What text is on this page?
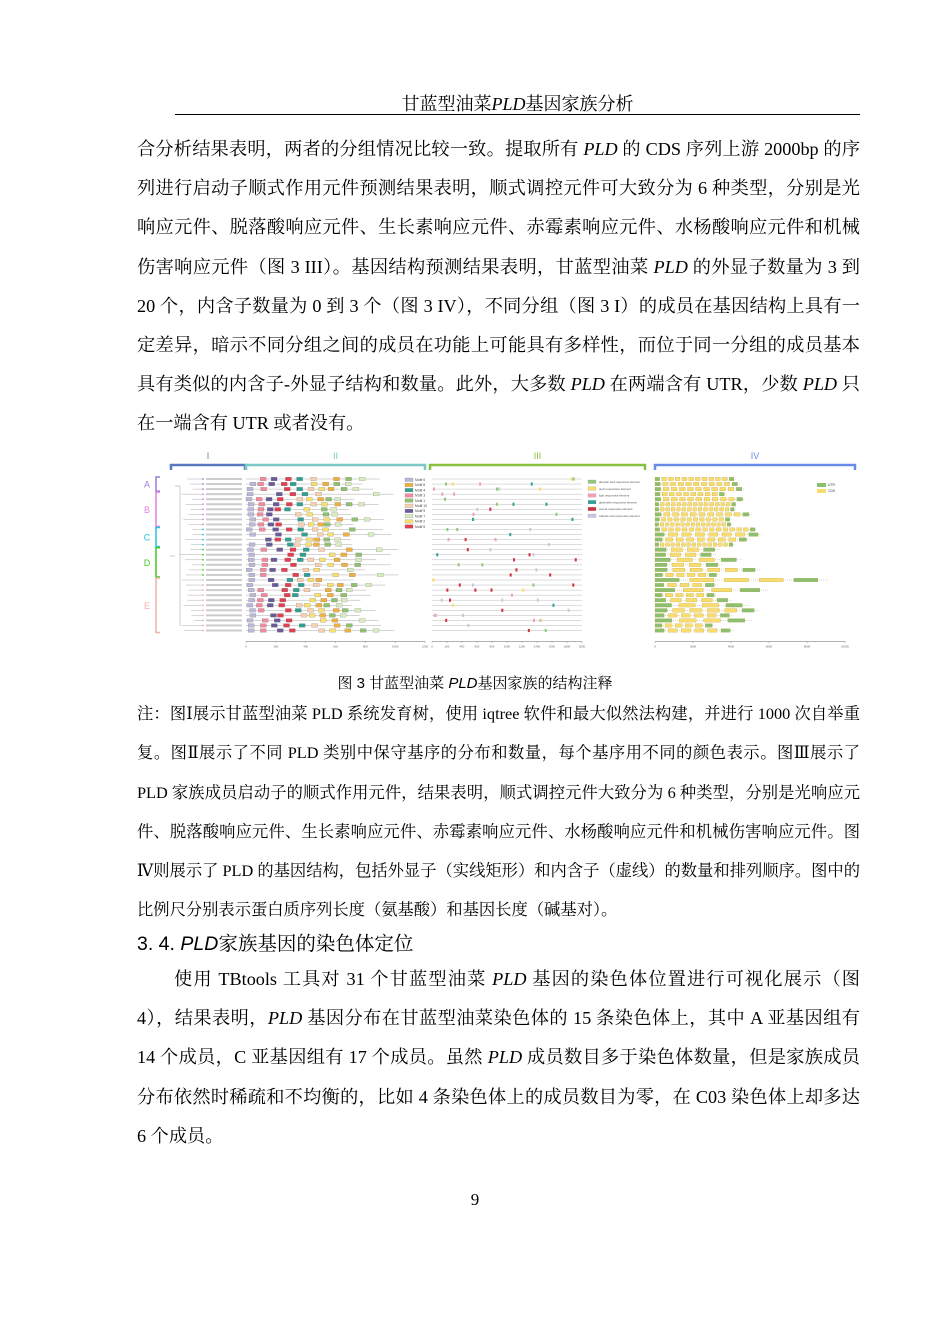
甘蓝型油菜PLD基因家族分析
合分析结果表明，两者的分组情况比较一致。提取所有 PLD 的 CDS 序列上游 2000bp 的序列进行启动子顺式作用元件预测结果表明，顺式调控元件可大致分为 6 种类型，分别是光响应元件、脱落酸响应元件、生长素响应元件、赤霉素响应元件、水杨酸响应元件和机械伤害响应元件（图 3 III）。基因结构预测结果表明，甘蓝型油菜 PLD 的外显子数量为 3 到 20 个，内含子数量为 0 到 3 个（图 3 IV），不同分组（图 3 I）的成员在基因结构上具有一定差异，暗示不同分组之间的成员在功能上可能具有多样性，而位于同一分组的成员基本具有类似的内含子-外显子结构和数量。此外，大多数 PLD 在两端含有 UTR，少数 PLD 只在一端含有 UTR 或者没有。
I	II	III	IV
A
B
C
D
E
0	200	400	600	800	1000	1200 0	200	400	600	800	1000	1200	1400	1600	1800	2000	0	2000	4000	6000	8000	10000
Motif 6
Motif 8
Motif 4
Motif 3
Motif 1
Motif 10
Motif 9
Motif 7
Motif 2
Motif 5
abscisic acid responsive element
auxin responsive element
light responsive element
gibberellin-responsive element
wound-responsive element
salicylic acid responsive element
UTR
CDS
图 3 甘蓝型油菜 PLD基因家族的结构注释
注：图Ⅰ展示甘蓝型油菜 PLD 系统发育树，使用 iqtree 软件和最大似然法构建，并进行 1000 次自举重复。图Ⅱ展示了不同 PLD 类别中保守基序的分布和数量，每个基序用不同的颜色表示。图Ⅲ展示了 PLD 家族成员启动子的顺式作用元件，结果表明，顺式调控元件大致分为 6 种类型，分别是光响应元件、脱落酸响应元件、生长素响应元件、赤霉素响应元件、水杨酸响应元件和机械伤害响应元件。图Ⅳ则展示了 PLD 的基因结构，包括外显子（实线矩形）和内含子（虚线）的数量和排列顺序。图中的比例尺分别表示蛋白质序列长度（氨基酸）和基因长度（碱基对）。
3. 4. PLD家族基因的染色体定位
使用 TBtools 工具对 31 个甘蓝型油菜 PLD 基因的染色体位置进行可视化展示（图 4），结果表明，PLD 基因分布在甘蓝型油菜染色体的 15 条染色体上，其中 A 亚基因组有 14 个成员，C 亚基因组有 17 个成员。虽然 PLD 成员数目多于染色体数量，但是家族成员分布依然时稀疏和不均衡的，比如 4 条染色体上的成员数目为零，在 C03 染色体上却多达 6 个成员。
9
